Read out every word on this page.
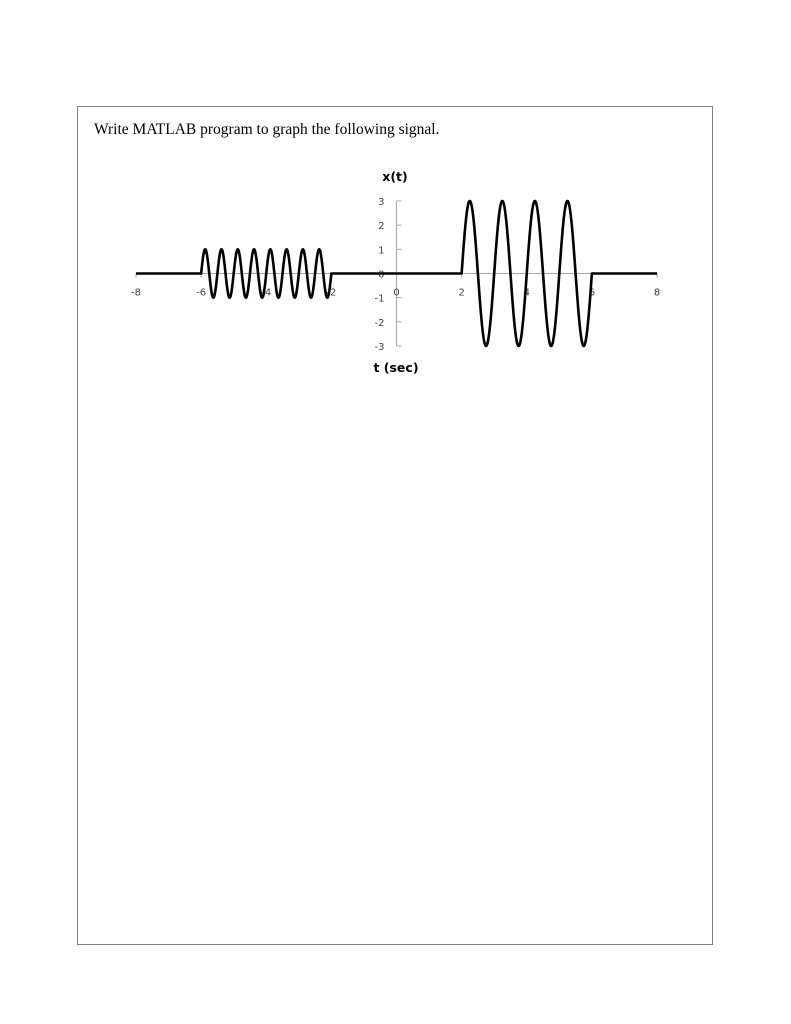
Write MATLAB program to graph the following signal.
x(t)
t (sec)
-8	-6	-4	-2	0	2	4	6	8
3
2
1
0
-1
-2
-3
